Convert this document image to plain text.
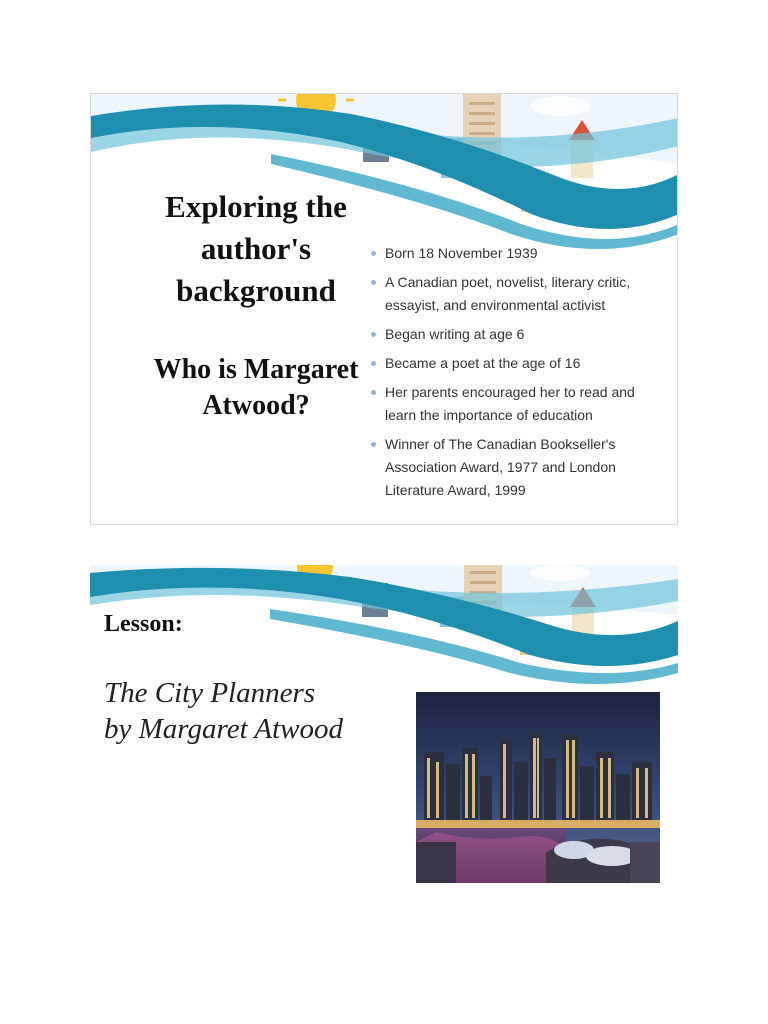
Exploring the
author's
background
Who is Margaret
Atwood?
Born 18 November 1939
A Canadian poet, novelist, literary critic, essayist, and environmental activist
Began writing at age 6
Became a poet at the age of 16
Her parents encouraged her to read and learn the importance of education
Winner of The Canadian Bookseller's Association Award, 1977 and London Literature Award, 1999
Lesson:

The City Planners
by Margaret Atwood
